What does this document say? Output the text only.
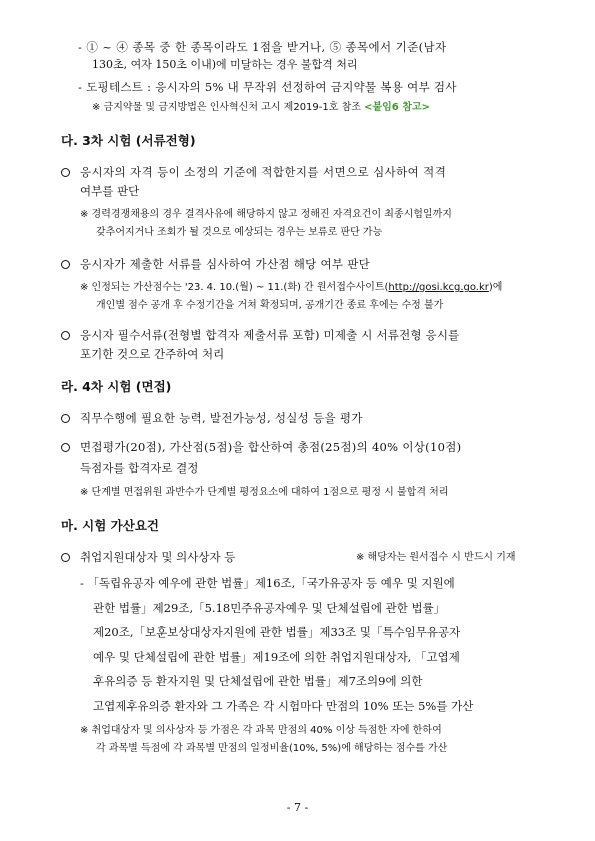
- ① ~ ④ 종목 중 한 종목이라도 1점을 받거나, ⑤ 종목에서 기준(남자
130초, 여자 150초 이내)에 미달하는 경우 불합격 처리
- 도핑테스트 : 응시자의 5% 내 무작위 선정하여 금지약물 복용 여부 검사
※ 금지약물 및 금지방법은 인사혁신처 고시 제2019-1호 참조 <붙임6 참고>
다. 3차 시험 (서류전형)
응시자의 자격 등이 소정의 기준에 적합한지를 서면으로 심사하여 적격
여부를 판단
※ 경력경쟁채용의 경우 결격사유에 해당하지 않고 정해진 자격요건이 최종시험일까지
갖추어지거나 조회가 될 것으로 예상되는 경우는 보류로 판단 가능
응시자가 제출한 서류를 심사하여 가산점 해당 여부 판단
※ 인정되는 가산점수는 '23. 4. 10.(월) ~ 11.(화) 간 원서접수사이트(http://gosi.kcg.go.kr)에
개인별 점수 공개 후 수정기간을 거쳐 확정되며, 공개기간 종료 후에는 수정 불가
응시자 필수서류(전형별 합격자 제출서류 포함) 미제출 시 서류전형 응시를
포기한 것으로 간주하여 처리
라. 4차 시험 (면접)
직무수행에 필요한 능력, 발전가능성, 성실성 등을 평가
면접평가(20점), 가산점(5점)을 합산하여 총점(25점)의 40% 이상(10점)
득점자를 합격자로 결정
※ 단계별 면접위원 과반수가 단계별 평정요소에 대하여 1점으로 평정 시 불합격 처리
마. 시험 가산요건
취업지원대상자 및 의사상자 등	※ 해당자는 원서접수 시 반드시 기재
- 「독립유공자 예우에 관한 법률」제16조,「국가유공자 등 예우 및 지원에
관한 법률」제29조,「5.18민주유공자예우 및 단체설립에 관한 법률」
제20조,「보훈보상대상자지원에 관한 법률」제33조 및「특수임무유공자
예우 및 단체설립에 관한 법률」제19조에 의한 취업지원대상자, 「고엽제
후유의증 등 환자지원 및 단체설립에 관한 법률」제7조의9에 의한
고엽제후유의증 환자와 그 가족은 각 시험마다 만점의 10% 또는 5%를 가산
※ 취업대상자 및 의사상자 등 가점은 각 과목 만점의 40% 이상 득점한 자에 한하여
각 과목별 득점에 각 과목별 만점의 일정비율(10%, 5%)에 해당하는 점수를 가산
- 7 -
